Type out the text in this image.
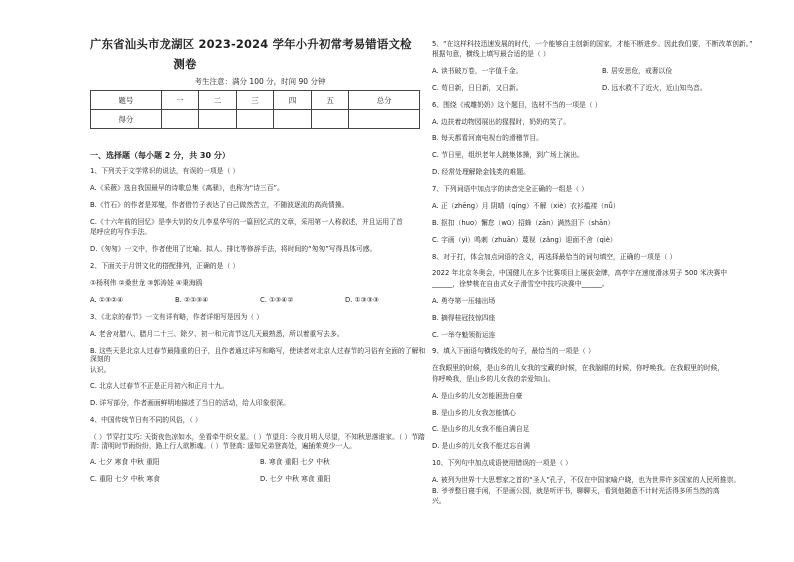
广东省汕头市龙湖区 2023-2024 学年小升初常考易错语文检
测卷
考生注意：满分 100 分，时间 90 分钟
题号	一	二	三	四	五	总分
得分						
一、选择题（每小题 2 分，共 30 分）
1、下列关于文学常识的说法，有误的一项是（ ）
A.《采薇》选自我国最早的诗歌总集《离骚》，也称为“诗三百”。
B.《竹石》的作者是郑燮，作者借竹子表达了自己做然苦立，不随波逐流的高尚情操。
C.《十六年前的回忆》是李大钊的女儿李星华写的一篇回忆式的文章，采用第一人称叙述，并且运用了首
尾呼应的写作手法。
D.《匆匆》一文中，作者使用了比喻、拟人、排比等修辞手法，将时间的“匆匆”写得具体可感。
2、下面关于月饼文化的搭配排列，正确的是（ ）
①杨利伟 ②桑世龙 ③郭涛娃 ④秉海鸥
A. ①③②④	B. ②①③④	C. ①③④②	D. ①③③③
3、《北京的春节》一文有详有略，作者详细写是因为（ ）
A. 老舍对腊八、腊月二十三、除夕、初一和元宵节这几天最熟悉，所以着重写去多。
B. 这些天是北京人过春节最隆重的日子，且作者通过详写和略写，使读者对北京人过春节的习俗有全面的了解和深刻的
认识。
C. 北京人过春节不正是正月初六和正月十九。
D. 详写部分，作者画面鲜明地描述了当日的活动，给人印象很深。
4、中国传统节日有不同的风俗，（ ）
（ ）节穿打艾巧: 天街夜色凉如水，坐看牵牛织女星。（ ）节望月: 今夜月明人尽望，不知秋思落谁家。（ ）节踏青: 清明时节雨纷纷，路上行人欲断魂。（ ）节登高: 遥知兄弟登高处，遍插茱萸少一人。
A. 七夕 寒食 中秋 重阳	B. 寒食 重阳 七夕 中秋
C. 重阳 七夕 中秋 寒食	D. 七夕 中秋 寒食 重阳
5、“在这样科技迅速发展的时代，一个能够自主创新的国家，才能不断进步。因此我们要，不断改革创新。”
根据句意，横线上填写最合适的是（ ）
A. 读书破万卷，一字值千金。	B. 居安思危，戒奢以俭
C. 苟日新，日日新，又日新。	D. 远水救不了近火，近山知鸟音。
6、围绕《戒雕奶奶》这个题目，选材不当的一项是（ ）
A. 边扶着动物园展出的猩猩时，奶奶的笑了。
B. 每天都看河南电视台的滑稽节目。
C. 节日里，组织老年人跳集体操，到广场上演出。
D. 经常处理解除金钱类的难题。
7、下列词语中加点字的读音完全正确的一组是（ ）
A. 正（zhēng）月 阴晴（qíng）不解（xiè）衣衫褴褛（nǚ）
B. 抠扣（huo）懈怠（wū）招蜂（zān）满然泪下（shān）
C. 字画（yì）鸣刺（zhuān）蔑视（zǎng）迎面不舍（qiè）
8、对于打，体会加点词语的含义，再选择最恰当的词句填空，正确的一项是（ ）
2022 年北京冬奥会，中国健儿在多个比赛项目上屡获金牌，高亭宇在速度滑冰男子 500 米决赛中
______，徐梦桃在自由式女子滑雪空中技巧决赛中______。
A. 勇夺第一压轴出场
B. 摘得桂冠技惊四座
C. 一举夺魁领衔运连
9、填入下面语句横线处的句子，最恰当的一项是（ ）
在我眼里的时候，是山乡的儿女我的宝藏的时候，在我脑眼的时候，你呼唤我。在我眼里的时候，
你呼唤我，是山乡的儿女我的亲爱知山。
A. 是山乡的儿女怎能困劲自豪
B. 是山乡的儿女我怎能慎心
C. 是山乡的儿女我不能自满自足
D. 是山乡的儿女我不能过忘自满
10、下列句中加点成语使用错误的一项是（ ）
A. 被列为世界十大思想家之首的“圣人”孔子，不仅在中国家喻户晓，也为世界许多国家的人民所推崇。
B. 爷爷整日寝手闲，不是画公园，就是听评书，聊聊天，看到他随意不计时光活得多所当然的高
兴。
